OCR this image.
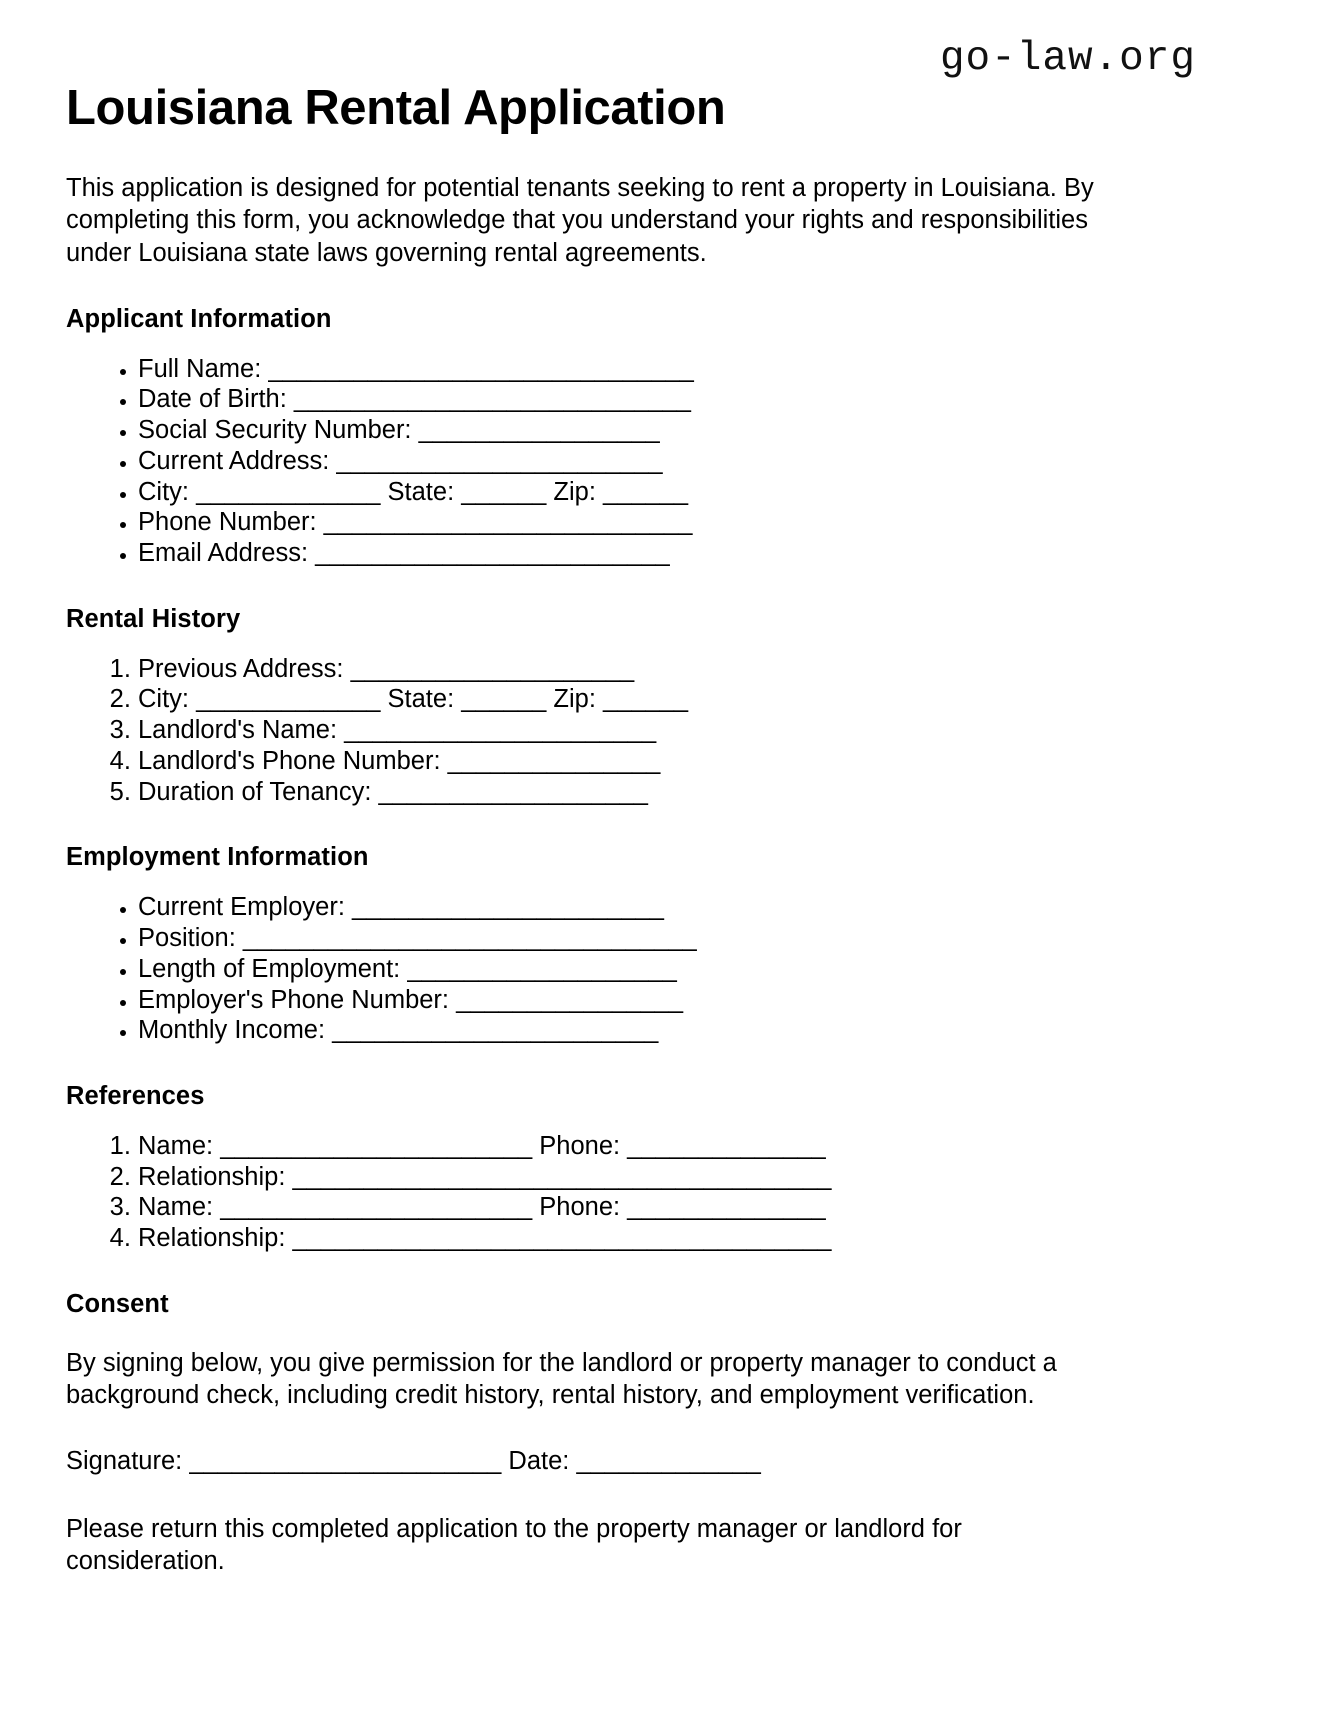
go-law.org
Louisiana Rental Application

This application is designed for potential tenants seeking to rent a property in Louisiana. By completing this form, you acknowledge that you understand your rights and responsibilities under Louisiana state laws governing rental agreements.

Applicant Information
• Full Name: ______________________________
• Date of Birth: ____________________________
• Social Security Number: _________________
• Current Address: _______________________
• City: _____________ State: ______ Zip: ______
• Phone Number: __________________________
• Email Address: _________________________
Rental History
1. Previous Address: ____________________
2. City: _____________ State: ______ Zip: ______
3. Landlord's Name: ______________________
4. Landlord's Phone Number: _______________
5. Duration of Tenancy: ___________________
Employment Information
• Current Employer: ______________________
• Position: ________________________________
• Length of Employment: ___________________
• Employer's Phone Number: ________________
• Monthly Income: _______________________
References
1. Name: ______________________ Phone: ______________
2. Relationship: ______________________________________
3. Name: ______________________ Phone: ______________
4. Relationship: ______________________________________
Consent

By signing below, you give permission for the landlord or property manager to conduct a background check, including credit history, rental history, and employment verification.

Signature: ______________________ Date: _____________

Please return this completed application to the property manager or landlord for consideration.
